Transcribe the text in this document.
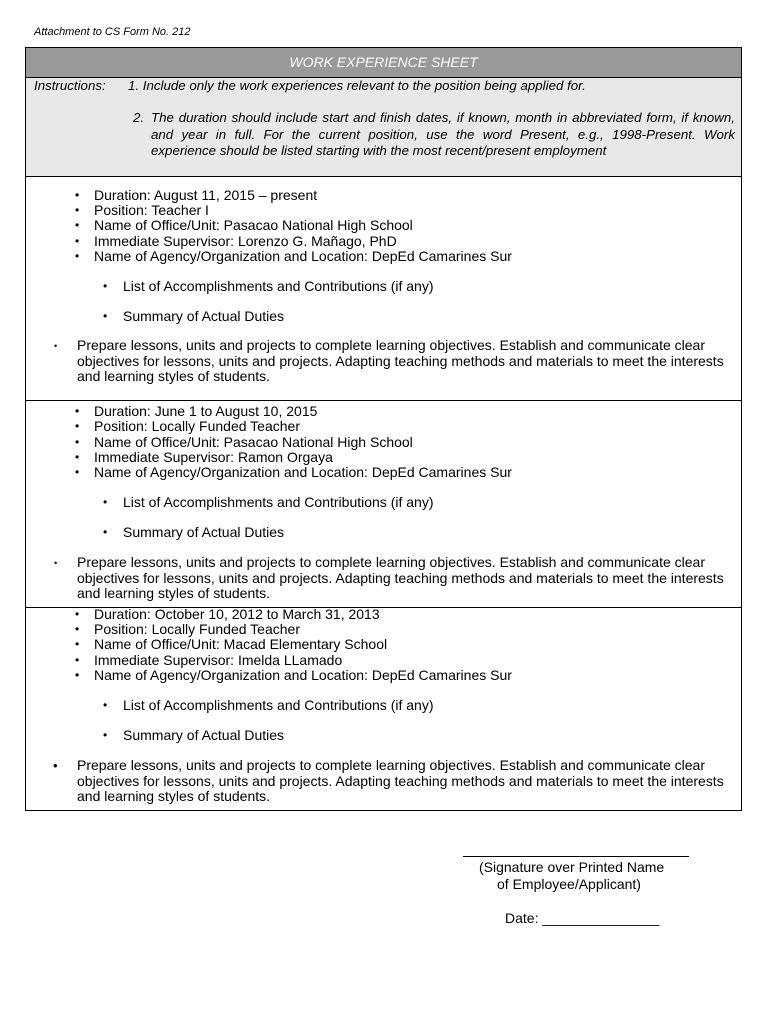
Attachment to CS Form No. 212
WORK EXPERIENCE SHEET
Instructions: 1. Include only the work experiences relevant to the position being applied for.
2. The duration should include start and finish dates, if known, month in abbreviated form, if known, and year in full. For the current position, use the word Present, e.g., 1998-Present. Work experience should be listed starting with the most recent/present employment
• Duration: August 11, 2015 – present
• Position: Teacher I
• Name of Office/Unit: Pasacao National High School
• Immediate Supervisor: Lorenzo G. Mañago, PhD
• Name of Agency/Organization and Location: DepEd Camarines Sur
• List of Accomplishments and Contributions (if any)
• Summary of Actual Duties
• Prepare lessons, units and projects to complete learning objectives. Establish and communicate clear objectives for lessons, units and projects. Adapting teaching methods and materials to meet the interests and learning styles of students.
• Duration: June 1 to August 10, 2015
• Position: Locally Funded Teacher
• Name of Office/Unit: Pasacao National High School
• Immediate Supervisor: Ramon Orgaya
• Name of Agency/Organization and Location: DepEd Camarines Sur
• List of Accomplishments and Contributions (if any)
• Summary of Actual Duties
• Prepare lessons, units and projects to complete learning objectives. Establish and communicate clear objectives for lessons, units and projects. Adapting teaching methods and materials to meet the interests and learning styles of students.
• Duration: October 10, 2012 to March 31, 2013
• Position: Locally Funded Teacher
• Name of Office/Unit: Macad Elementary School
• Immediate Supervisor: Imelda LLamado
• Name of Agency/Organization and Location: DepEd Camarines Sur
• List of Accomplishments and Contributions (if any)
• Summary of Actual Duties
• Prepare lessons, units and projects to complete learning objectives. Establish and communicate clear objectives for lessons, units and projects. Adapting teaching methods and materials to meet the interests and learning styles of students.
(Signature over Printed Name
of Employee/Applicant)
Date: _______________
